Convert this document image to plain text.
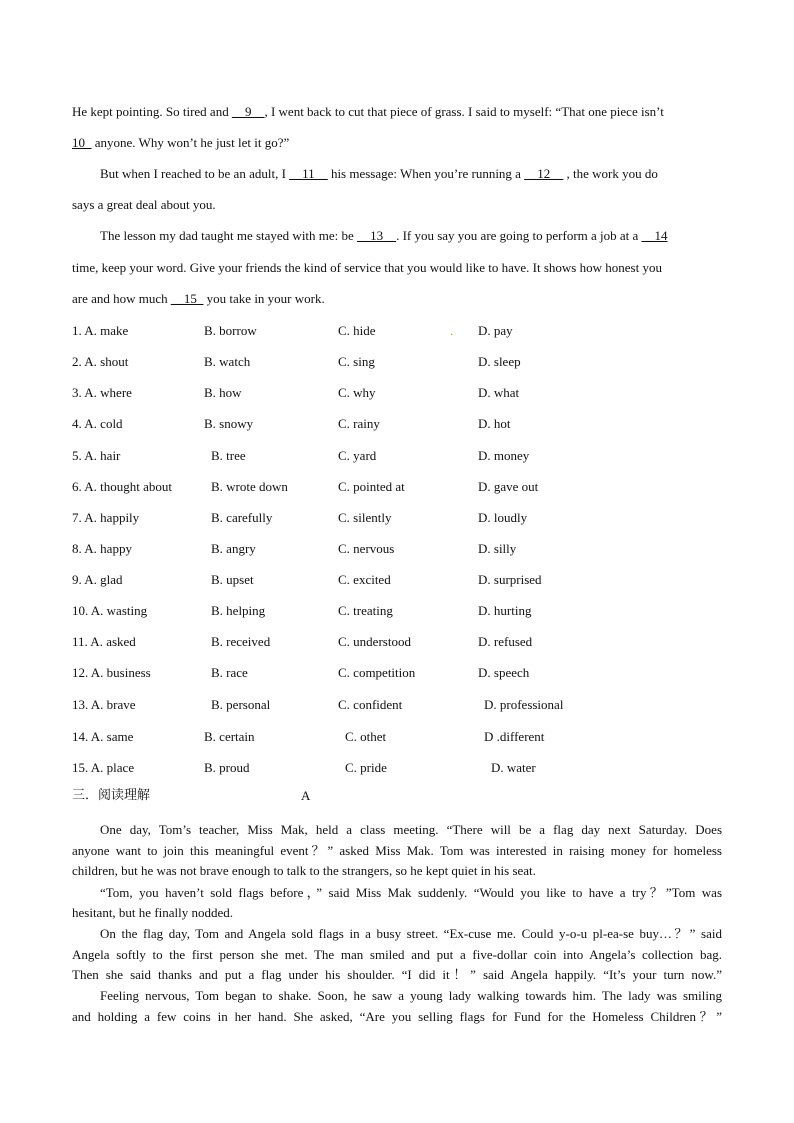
He kept pointing. So tired and __9__, I went back to cut that piece of grass. I said to myself: “That one piece isn’t
10_ anyone. Why won’t he just let it go?”
But when I reached to be an adult, I __11__ his message: When you’re running a __12__ , the work you do
says a great deal about you.
The lesson my dad taught me stayed with me: be __13__. If you say you are going to perform a job at a __14
time, keep your word. Give your friends the kind of service that you would like to have. It shows how honest you
are and how much __15_ you take in your work.
1. A. make	B. borrow	C. hide	D. pay
.
2. A. shout	B. watch	C. sing	D. sleep
3. A. where	B. how	C. why	D. what
4. A. cold	B. snowy	C. rainy	D. hot
5. A. hair	B. tree	C. yard	D. money
6. A. thought about	B. wrote down	C. pointed at	D. gave out
7. A. happily	B. carefully	C. silently	D. loudly
8. A. happy	B. angry	C. nervous	D. silly
9. A. glad	B. upset	C. excited	D. surprised
10. A. wasting	B. helping	C. treating	D. hurting
11. A. asked	B. received	C. understood	D. refused
12. A. business	B. race	C. competition	D. speech
13. A. brave	B. personal	C. confident	D. professional
14. A. same	B. certain	C. othet	D .different
15. A. place	B. proud	C. pride	D. water
三．阅读理解	A
One day, Tom’s teacher, Miss Mak, held a class meeting. “There will be a flag day next Saturday. Does
anyone want to join this meaningful event？” asked Miss Mak. Tom was interested in raising money for homeless
children, but he was not brave enough to talk to the strangers, so he kept quiet in his seat.
“Tom, you haven’t sold flags before，” said Miss Mak suddenly. “Would you like to have a try？”Tom was
hesitant, but he finally nodded.
On the flag day, Tom and Angela sold flags in a busy street. “Ex-cuse me. Could y-o-u pl-ea-se buy…？” said
Angela softly to the first person she met. The man smiled and put a five-dollar coin into Angela’s collection bag.
Then she said thanks and put a flag under his shoulder. “I did it！” said Angela happily. “It’s your turn now.”
Feeling nervous, Tom began to shake. Soon, he saw a young lady walking towards him. The lady was smiling
and holding a few coins in her hand. She asked, “Are you selling flags for Fund for the Homeless Children？”
